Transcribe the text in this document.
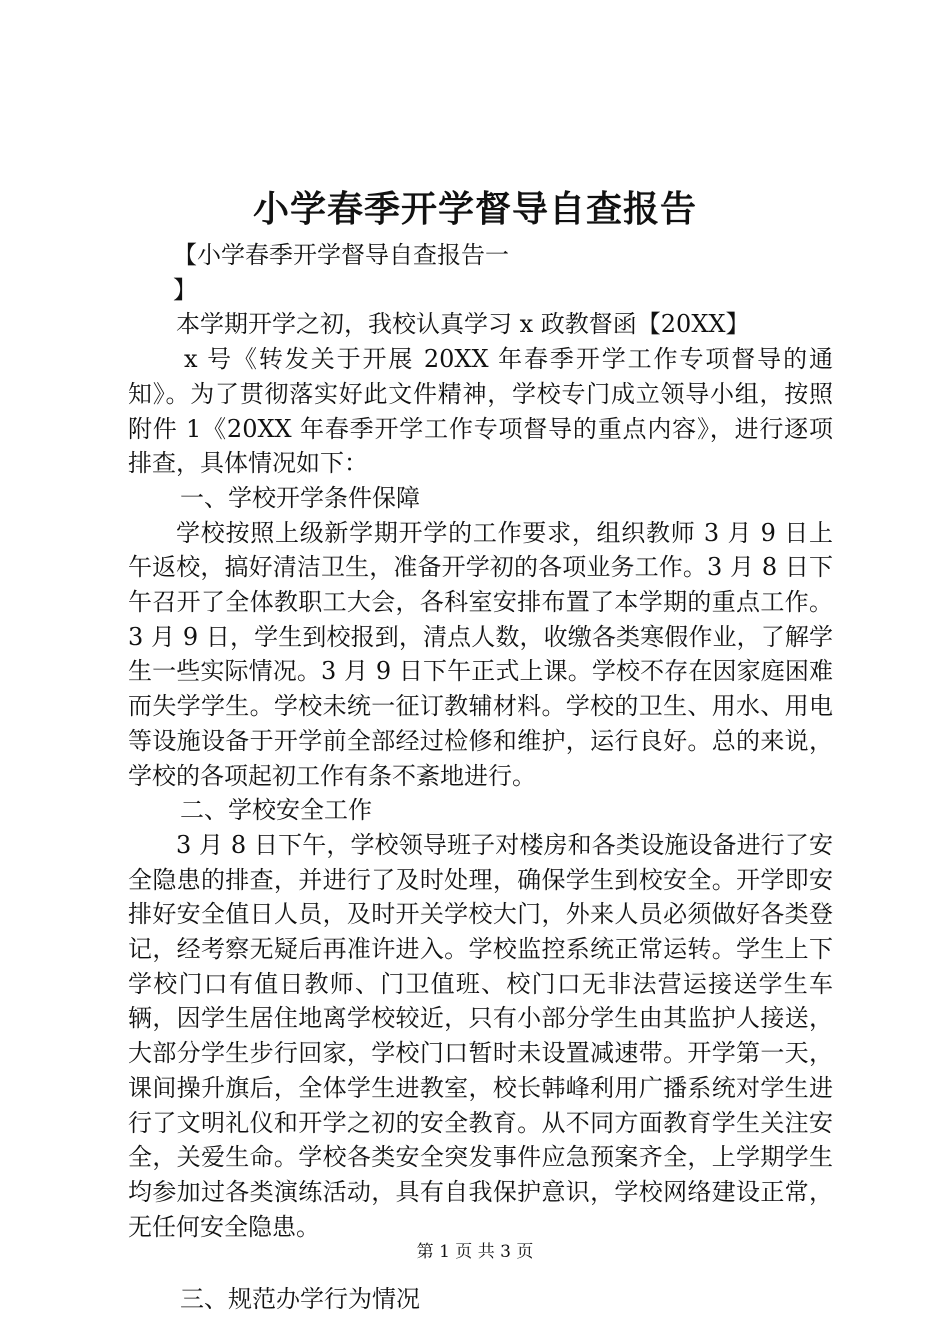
小学春季开学督导自查报告

【小学春季开学督导自查报告一

】

本学期开学之初，我校认真学习 x 政教督函【20XX】

x 号《转发关于开展 20XX 年春季开学工作专项督导的通知》。为了贯彻落实好此文件精神，学校专门成立领导小组，按照附件 1《20XX 年春季开学工作专项督导的重点内容》，进行逐项排查，具体情况如下：

一、学校开学条件保障

学校按照上级新学期开学的工作要求，组织教师 3 月 9 日上午返校，搞好清洁卫生，准备开学初的各项业务工作。3 月 8 日下午召开了全体教职工大会，各科室安排布置了本学期的重点工作。3 月 9 日，学生到校报到，清点人数，收缴各类寒假作业，了解学生一些实际情况。3 月 9 日下午正式上课。学校不存在因家庭困难而失学学生。学校未统一征订教辅材料。学校的卫生、用水、用电等设施设备于开学前全部经过检修和维护，运行良好。总的来说，学校的各项起初工作有条不紊地进行。

二、学校安全工作

3 月 8 日下午，学校领导班子对楼房和各类设施设备进行了安全隐患的排查，并进行了及时处理，确保学生到校安全。开学即安排好安全值日人员，及时开关学校大门，外来人员必须做好各类登记，经考察无疑后再准许进入。学校监控系统正常运转。学生上下学校门口有值日教师、门卫值班、校门口无非法营运接送学生车辆，因学生居住地离学校较近，只有小部分学生由其监护人接送，大部分学生步行回家，学校门口暂时未设置减速带。开学第一天，课间操升旗后，全体学生进教室，校长韩峰利用广播系统对学生进行了文明礼仪和开学之初的安全教育。从不同方面教育学生关注安全，关爱生命。学校各类安全突发事件应急预案齐全，上学期学生均参加过各类演练活动，具有自我保护意识，学校网络建设正常，无任何安全隐患。

三、规范办学行为情况

第 1 页 共 3 页
